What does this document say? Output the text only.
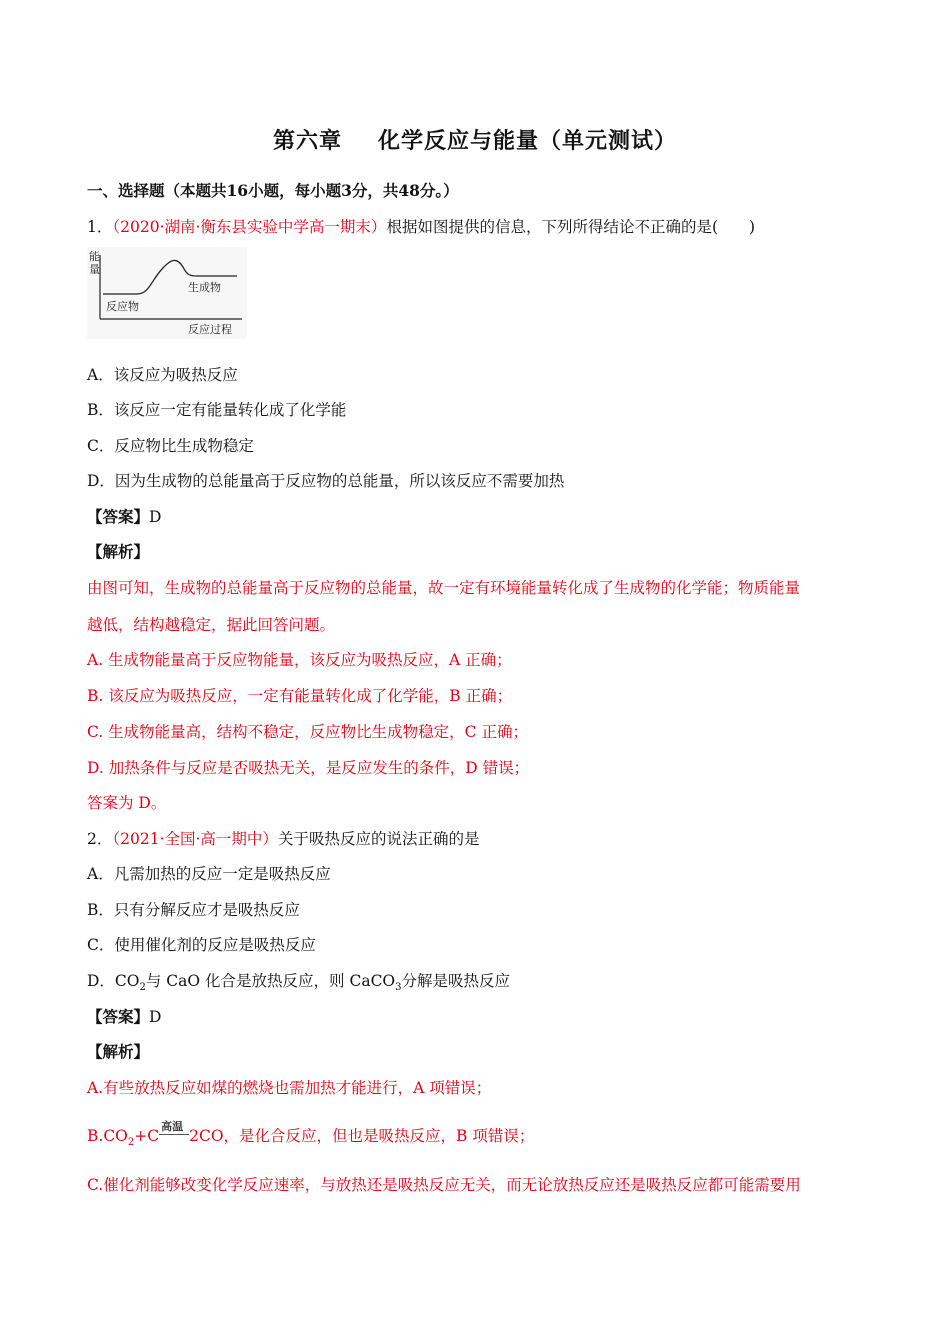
第六章 化学反应与能量（单元测试）
一、选择题（本题共16小题，每小题3分，共48分。）
1．（2020·湖南·衡东县实验中学高一期末）根据如图提供的信息，下列所得结论不正确的是(　　)
能
量
生成物
反应物
反应过程
A．该反应为吸热反应
B．该反应一定有能量转化成了化学能
C．反应物比生成物稳定
D．因为生成物的总能量高于反应物的总能量，所以该反应不需要加热
【答案】D
【解析】
由图可知，生成物的总能量高于反应物的总能量，故一定有环境能量转化成了生成物的化学能；物质能量
越低，结构越稳定，据此回答问题。
A. 生成物能量高于反应物能量，该反应为吸热反应，A 正确；
B. 该反应为吸热反应，一定有能量转化成了化学能，B 正确；
C. 生成物能量高，结构不稳定，反应物比生成物稳定，C 正确；
D. 加热条件与反应是否吸热无关，是反应发生的条件，D 错误；
答案为 D。
2．（2021·全国·高一期中）关于吸热反应的说法正确的是
A．凡需加热的反应一定是吸热反应
B．只有分解反应才是吸热反应
C．使用催化剂的反应是吸热反应
D．$CO_2$与 CaO 化合是放热反应，则 CaCO$_3$分解是吸热反应
【答案】D
【解析】
A.有些放热反应如煤的燃烧也需加热才能进行，A 项错误；
$B.CO_2+C$
高温
2CO，是化合反应，但也是吸热反应，B 项错误；
C.催化剂能够改变化学反应速率，与放热还是吸热反应无关，而无论放热反应还是吸热反应都可能需要用
